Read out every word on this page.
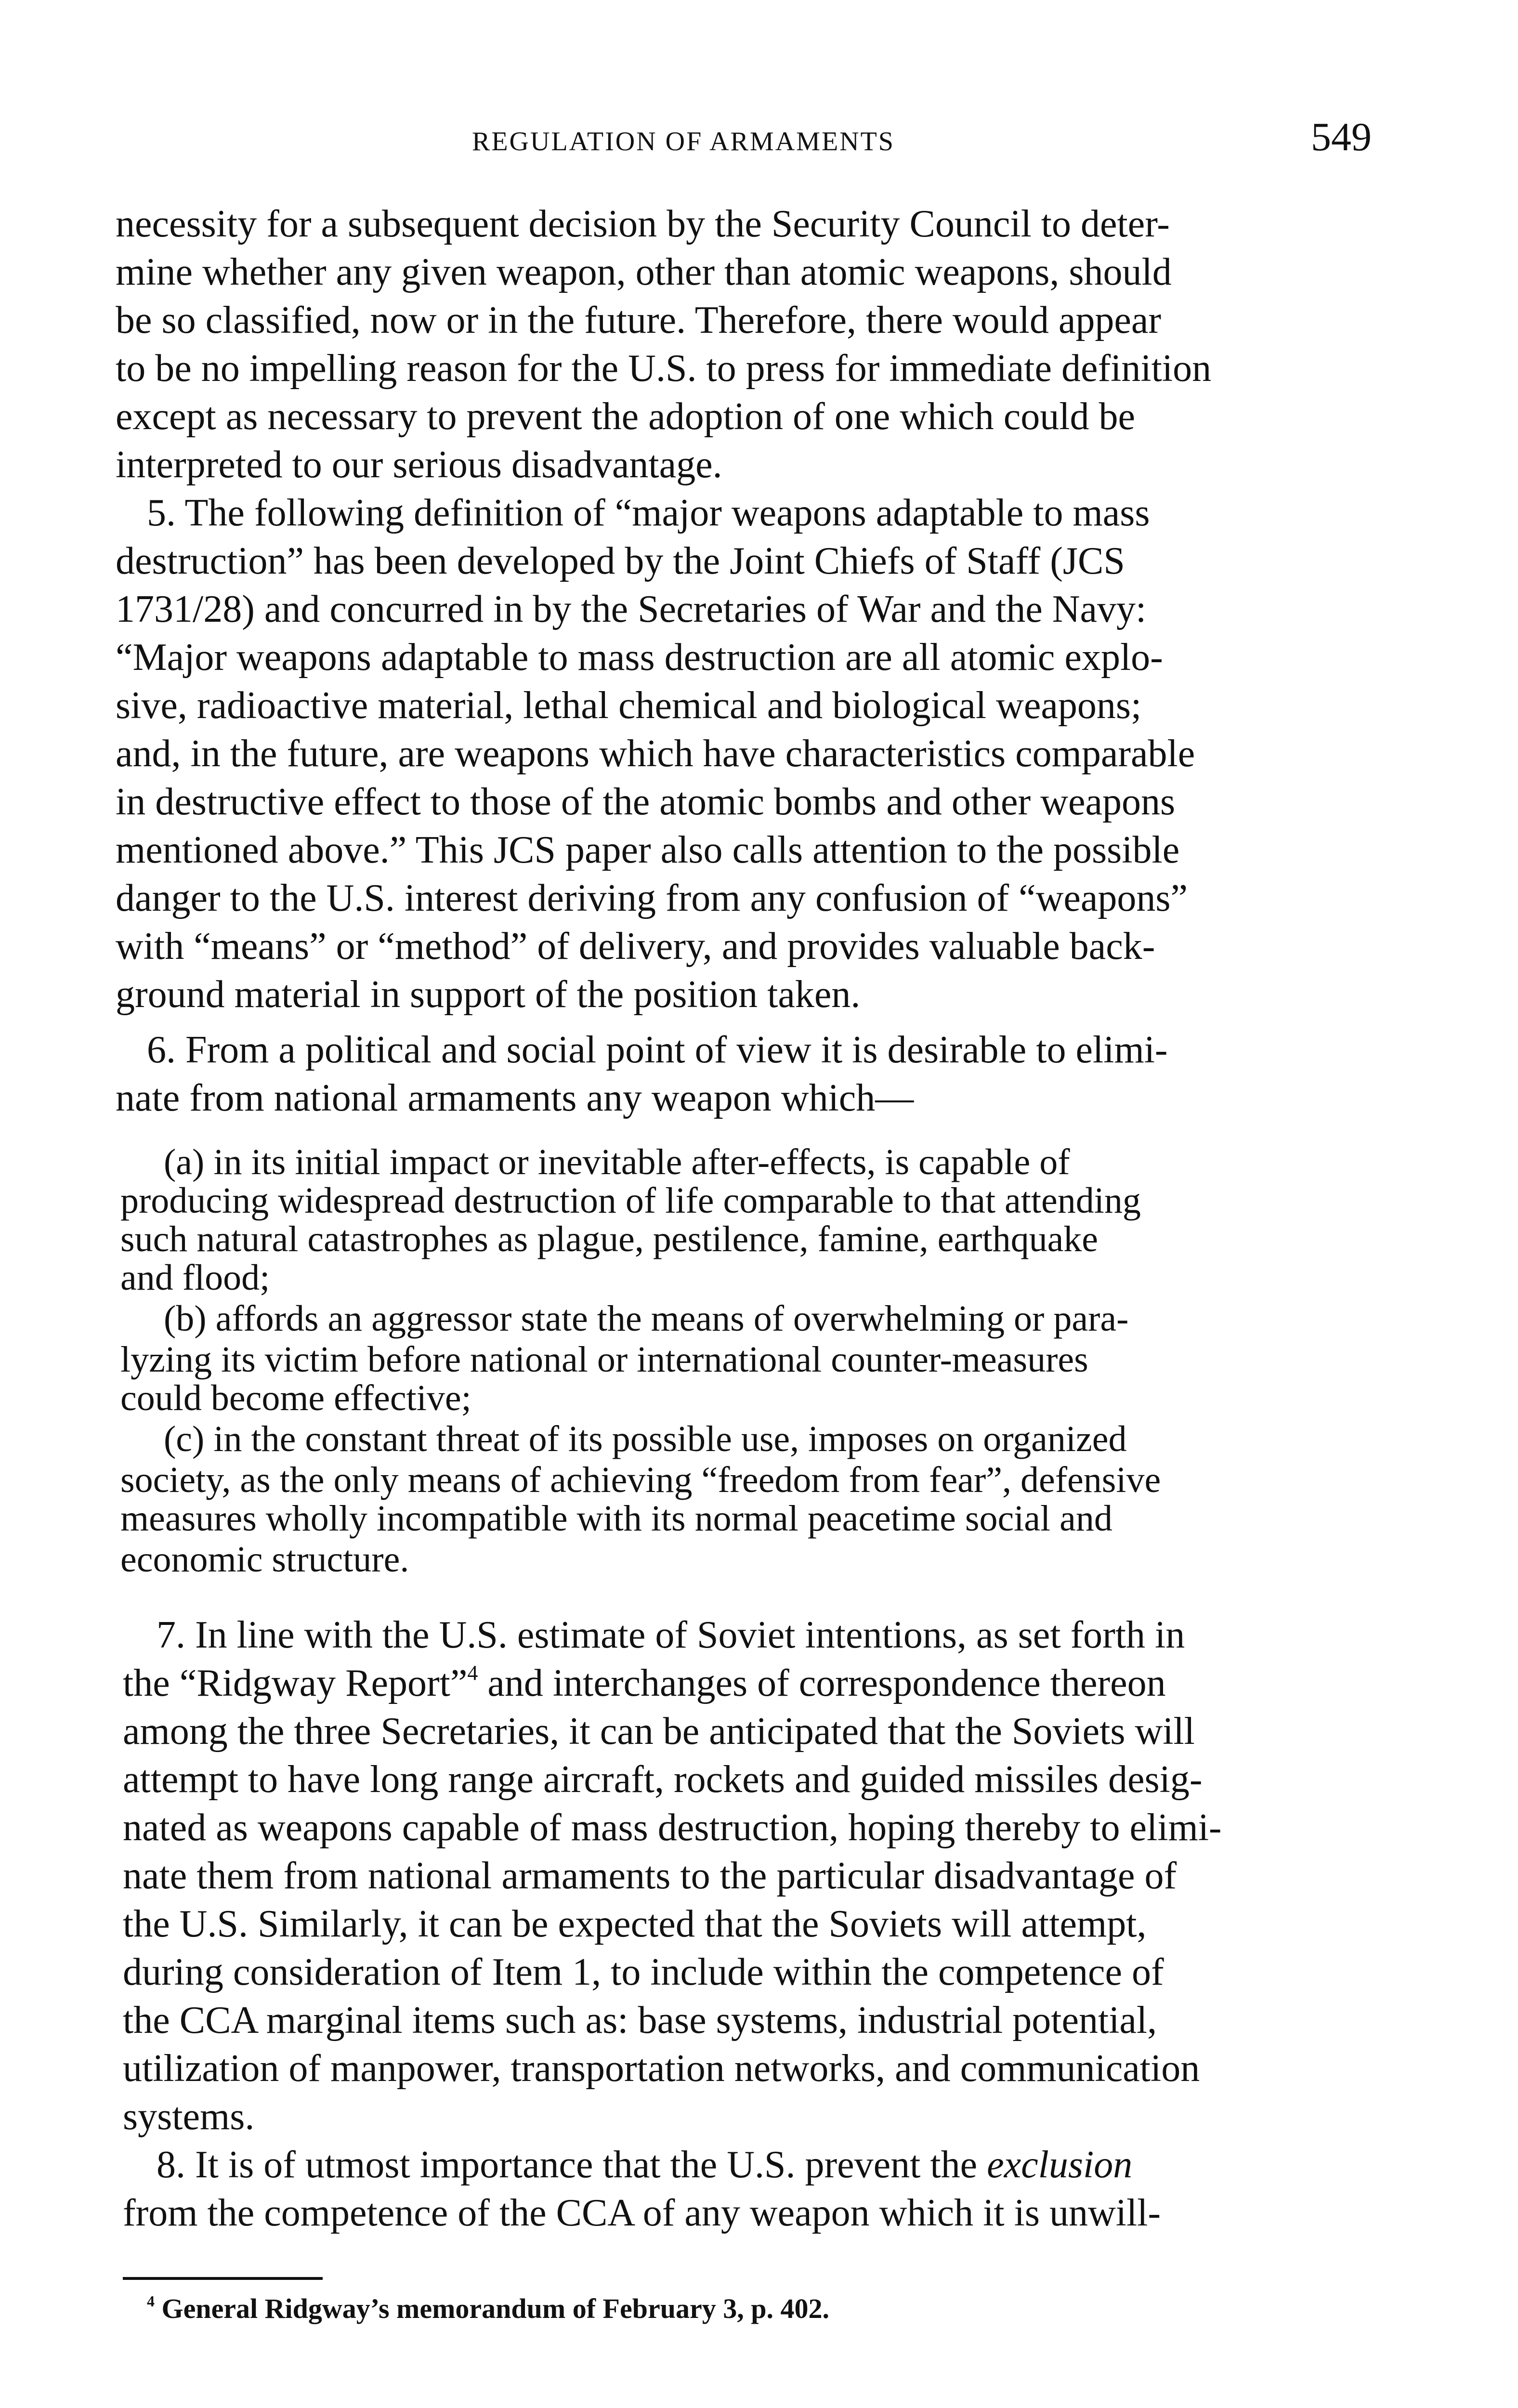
REGULATION OF ARMAMENTS	549
necessity for a subsequent decision by the Security Council to deter-
mine whether any given weapon, other than atomic weapons, should
be so classified, now or in the future. Therefore, there would appear
to be no impelling reason for the U.S. to press for immediate definition
except as necessary to prevent the adoption of one which could be
interpreted to our serious disadvantage.
5. The following definition of “major weapons adaptable to mass
destruction” has been developed by the Joint Chiefs of Staff (JCS
1731/28) and concurred in by the Secretaries of War and the Navy:
“Major weapons adaptable to mass destruction are all atomic explo-
sive, radioactive material, lethal chemical and biological weapons;
and, in the future, are weapons which have characteristics comparable
in destructive effect to those of the atomic bombs and other weapons
mentioned above.” This JCS paper also calls attention to the possible
danger to the U.S. interest deriving from any confusion of “weapons”
with “means” or “method” of delivery, and provides valuable back-
ground material in support of the position taken.
6. From a political and social point of view it is desirable to elimi-
nate from national armaments any weapon which—
(a) in its initial impact or inevitable after-effects, is capable of
producing widespread destruction of life comparable to that attending
such natural catastrophes as plague, pestilence, famine, earthquake
and flood;
(b) affords an aggressor state the means of overwhelming or para-
lyzing its victim before national or international counter-measures
could become effective;
(c) in the constant threat of its possible use, imposes on organized
society, as the only means of achieving “freedom from fear”, defensive
measures wholly incompatible with its normal peacetime social and
economic structure.
7. In line with the U.S. estimate of Soviet intentions, as set forth in
the “Ridgway Report”$^4$ and interchanges of correspondence thereon
among the three Secretaries, it can be anticipated that the Soviets will
attempt to have long range aircraft, rockets and guided missiles desig-
nated as weapons capable of mass destruction, hoping thereby to elimi-
nate them from national armaments to the particular disadvantage of
the U.S. Similarly, it can be expected that the Soviets will attempt,
during consideration of Item 1, to include within the competence of
the CCA marginal items such as: base systems, industrial potential,
utilization of manpower, transportation networks, and communication
systems.
8. It is of utmost importance that the U.S. prevent the exclusion
from the competence of the CCA of any weapon which it is unwill-
$^4$ General Ridgway’s memorandum of February 3, p. 402.
